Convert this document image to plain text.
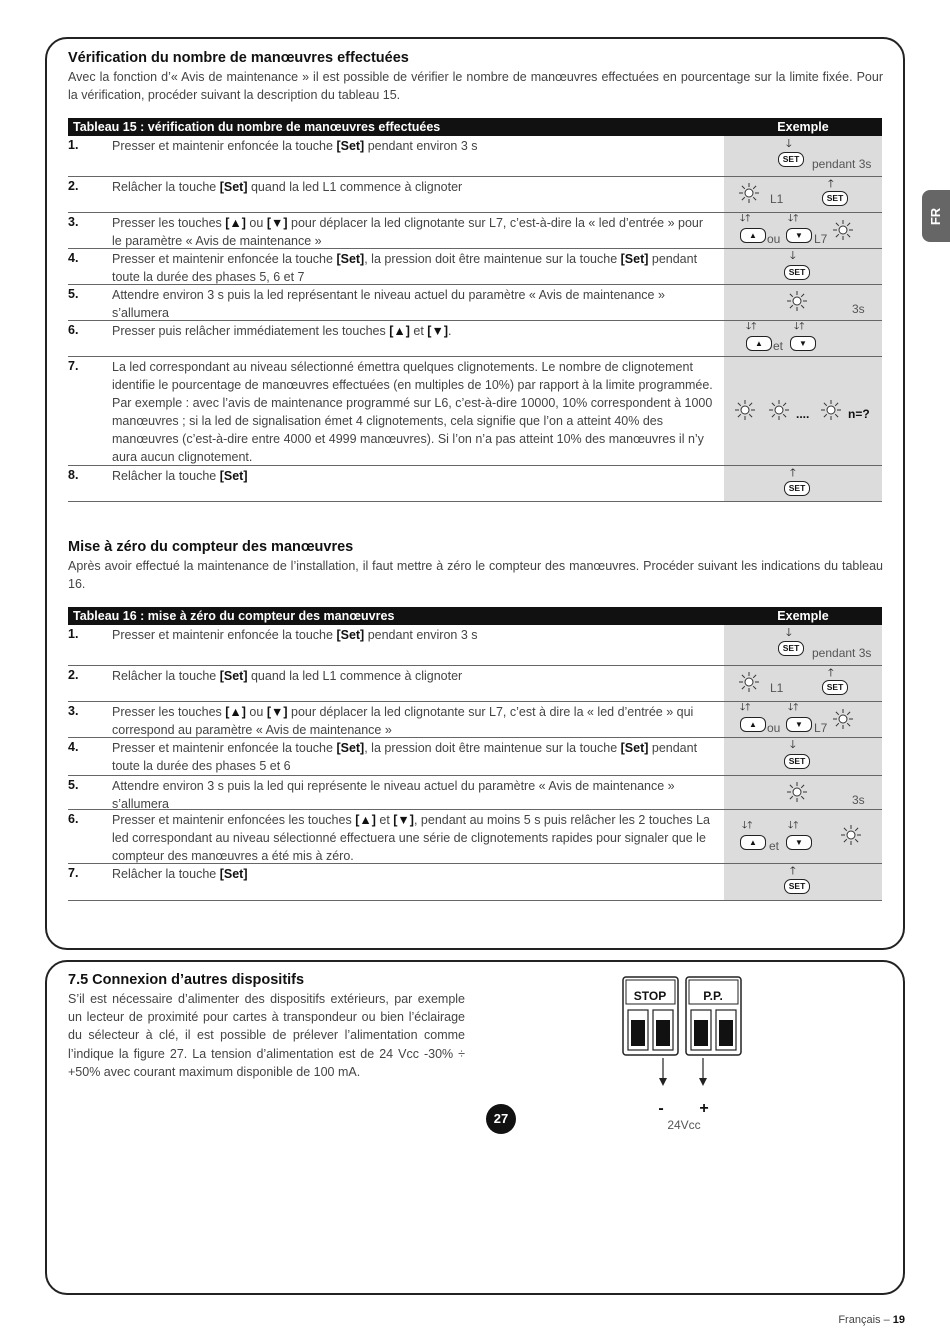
FR
Vérification du nombre de manœuvres effectuées

Avec la fonction d’« Avis de maintenance » il est possible de vérifier le nombre de manœuvres effectuées en pourcentage sur la limite fixée. Pour la vérification, procéder suivant la description du tableau 15.

Tableau 15 : vérification du nombre de manœuvres effectuées	Exemple
1.	Presser et maintenir enfoncée la touche [Set] pendant environ 3 s	🡓
SET	pendant 3s
2.	Relâcher la touche [Set] quand la led L1 commence à clignoter
L1
🡑
SET
3.	Presser les touches [▲] ou [▼] pour déplacer la led clignotante sur L7, c’est-à-dire la « led d’entrée » pour le paramètre « Avis de maintenance »
🡓🡑
▲ ou
🡓🡑
▼ L7
4.	Presser et maintenir enfoncée la touche [Set], la pression doit être maintenue sur la touche [Set] pendant toute la durée des phases 5, 6 et 7
🡓
SET
5.	Attendre environ 3 s puis la led représentant le niveau actuel du paramètre « Avis de maintenance » s’allumera	3s
6.	Presser puis relâcher immédiatement les touches [▲] et [▼].	🡓🡑
▲ et
🡓🡑
▼
7.	La led correspondant au niveau sélectionné émettra quelques clignotements. Le nombre de clignotement identifie le pourcentage de manœuvres effectuées (en multiples de 10%) par rapport à la limite programmée. Par exemple : avec l’avis de maintenance programmé sur L6, c’est-à-dire 10000, 10% correspondent à 1000 manœuvres ; si la led de signalisation émet 4 clignotements, cela signifie que l’on a atteint 40% des manœuvres (c’est-à-dire entre 4000 et 4999 manœuvres). Si l’on n’a pas atteint 10% des manœuvres il n’y aura aucun clignotement.
....	n=?
8.	Relâcher la touche [Set]	🡑
SET
Mise à zéro du compteur des manœuvres

Après avoir effectué la maintenance de l’installation, il faut mettre à zéro le compteur des manœuvres. Procéder suivant les indications du tableau 16.

Tableau 16 : mise à zéro du compteur des manœuvres	Exemple
1.	Presser et maintenir enfoncée la touche [Set] pendant environ 3 s	🡓
SET	pendant 3s
2.	Relâcher la touche [Set] quand la led L1 commence à clignoter
L1
🡑
SET
3.	Presser les touches [▲] ou [▼] pour déplacer la led clignotante sur L7, c’est à dire la « led d’entrée » qui correspond au paramètre « Avis de maintenance »
🡓🡑
▲ ou
🡓🡑
▼ L7
4.	Presser et maintenir enfoncée la touche [Set], la pression doit être maintenue sur la touche [Set] pendant toute la durée des phases 5 et 6
🡓
SET
5.	Attendre environ 3 s puis la led qui représente le niveau actuel du paramètre « Avis de maintenance » s’allumera	3s
6.	Presser et maintenir enfoncées les touches [▲] et [▼], pendant au moins 5 s puis relâcher les 2 touches La led correspondant au niveau sélectionné effectuera une série de clignotements rapides pour signaler que le compteur des manœuvres a été mis à zéro.
🡓🡑
▲	et
🡓🡑
▼
7.	Relâcher la touche [Set]	🡑
SET
7.5 Connexion d’autres dispositifs

S’il est nécessaire d’alimenter des dispositifs extérieurs, par exemple un lecteur de proximité pour cartes à transpondeur ou bien l’éclairage du sélecteur à clé, il est possible de prélever l’alimentation comme l’indique la figure 27. La tension d’alimentation est de 24 Vcc -30% ÷ +50% avec courant maximum disponible de 100 mA.

27
STOP	P.P.
- +
24Vcc
Français – 19
